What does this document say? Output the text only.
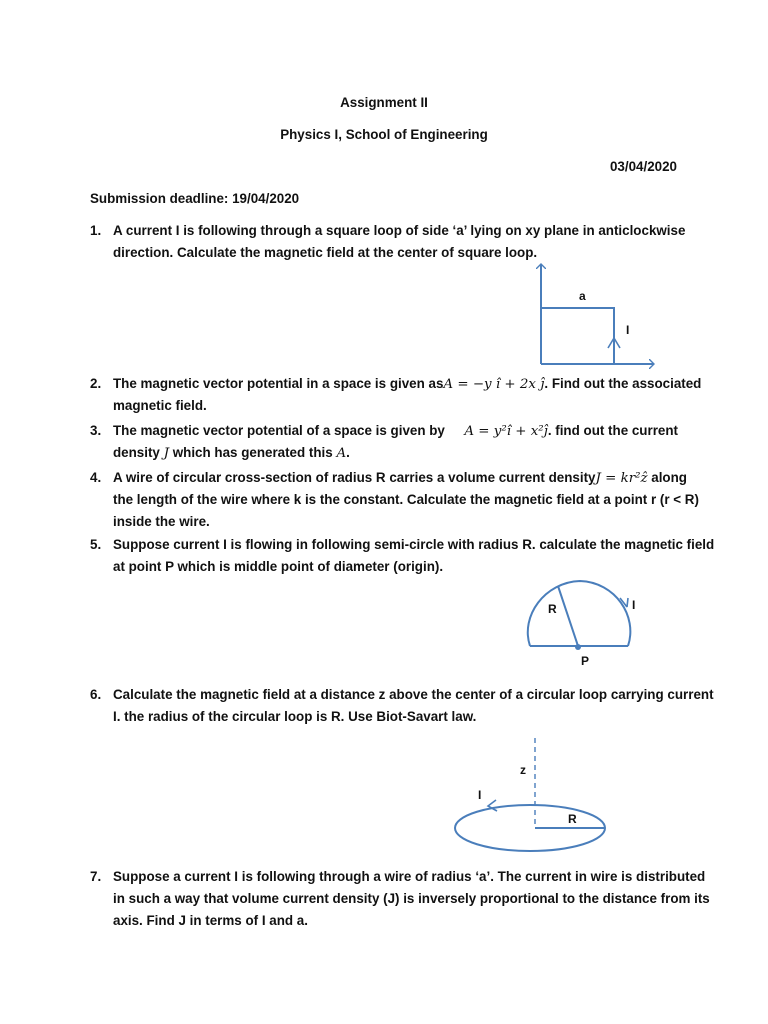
Assignment II
Physics I, School of Engineering
03/04/2020
Submission deadline: 19/04/2020
1. A current I is following through a square loop of side ‘a’ lying on xy plane in anticlockwise
direction. Calculate the magnetic field at the center of square loop.
a
I
2. The magnetic vector potential in a space is given as A = −y î + 2x ĵ. Find out the associated
magnetic field.
3. The magnetic vector potential of a space is given by A = y²î + x²ĵ. find out the current
density J which has generated this A.
4. A wire of circular cross-section of radius R carries a volume current density J = kr²ẑ along
the length of the wire where k is the constant. Calculate the magnetic field at a point r (r < R)
inside the wire.
5. Suppose current I is flowing in following semi-circle with radius R. calculate the magnetic field
at point P which is middle point of diameter (origin).
R	I
P
6. Calculate the magnetic field at a distance z above the center of a circular loop carrying current
I. the radius of the circular loop is R. Use Biot-Savart law.
z
I
R
7. Suppose a current I is following through a wire of radius ‘a’. The current in wire is distributed
in such a way that volume current density (J) is inversely proportional to the distance from its
axis. Find J in terms of I and a.
